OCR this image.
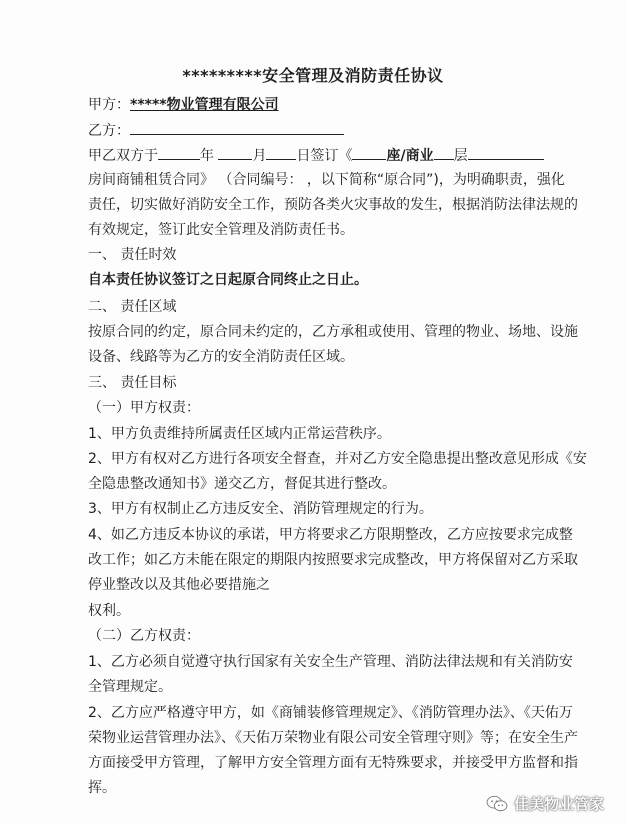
*********安全管理及消防责任协议
甲方：*****物业管理有限公司
乙方：
甲乙双方于	年	月 日签订《 座/商业 层
房间商铺租赁合同》 （合同编号： ，以下简称“原合同”)，为明确职责，强化
责任，切实做好消防安全工作，预防各类火灾事故的发生，根据消防法律法规的
有效规定，签订此安全管理及消防责任书。
一、 责任时效
自本责任协议签订之日起原合同终止之日止。
二、 责任区域
按原合同的约定，原合同未约定的，乙方承租或使用、管理的物业、场地、设施
设备、线路等为乙方的安全消防责任区域。
三、 责任目标
（一）甲方权责：
1、甲方负责维持所属责任区域内正常运营秩序。
2、甲方有权对乙方进行各项安全督查，并对乙方安全隐患提出整改意见形成《安
全隐患整改通知书》递交乙方，督促其进行整改。
3、甲方有权制止乙方违反安全、消防管理规定的行为。
4、如乙方违反本协议的承诺，甲方将要求乙方限期整改，乙方应按要求完成整
改工作；如乙方未能在限定的期限内按照要求完成整改，甲方将保留对乙方采取
停业整改以及其他必要措施之
权利。
（二）乙方权责：
1、乙方必须自觉遵守执行国家有关安全生产管理、消防法律法规和有关消防安
全管理规定。
2、乙方应严格遵守甲方，如《商铺装修管理规定》、《消防管理办法》、《天佑万
荣物业运营管理办法》、《天佑万荣物业有限公司安全管理守则》等；在安全生产
方面接受甲方管理，了解甲方安全管理方面有无特殊要求，并接受甲方监督和指
挥。
佳美物业管家
